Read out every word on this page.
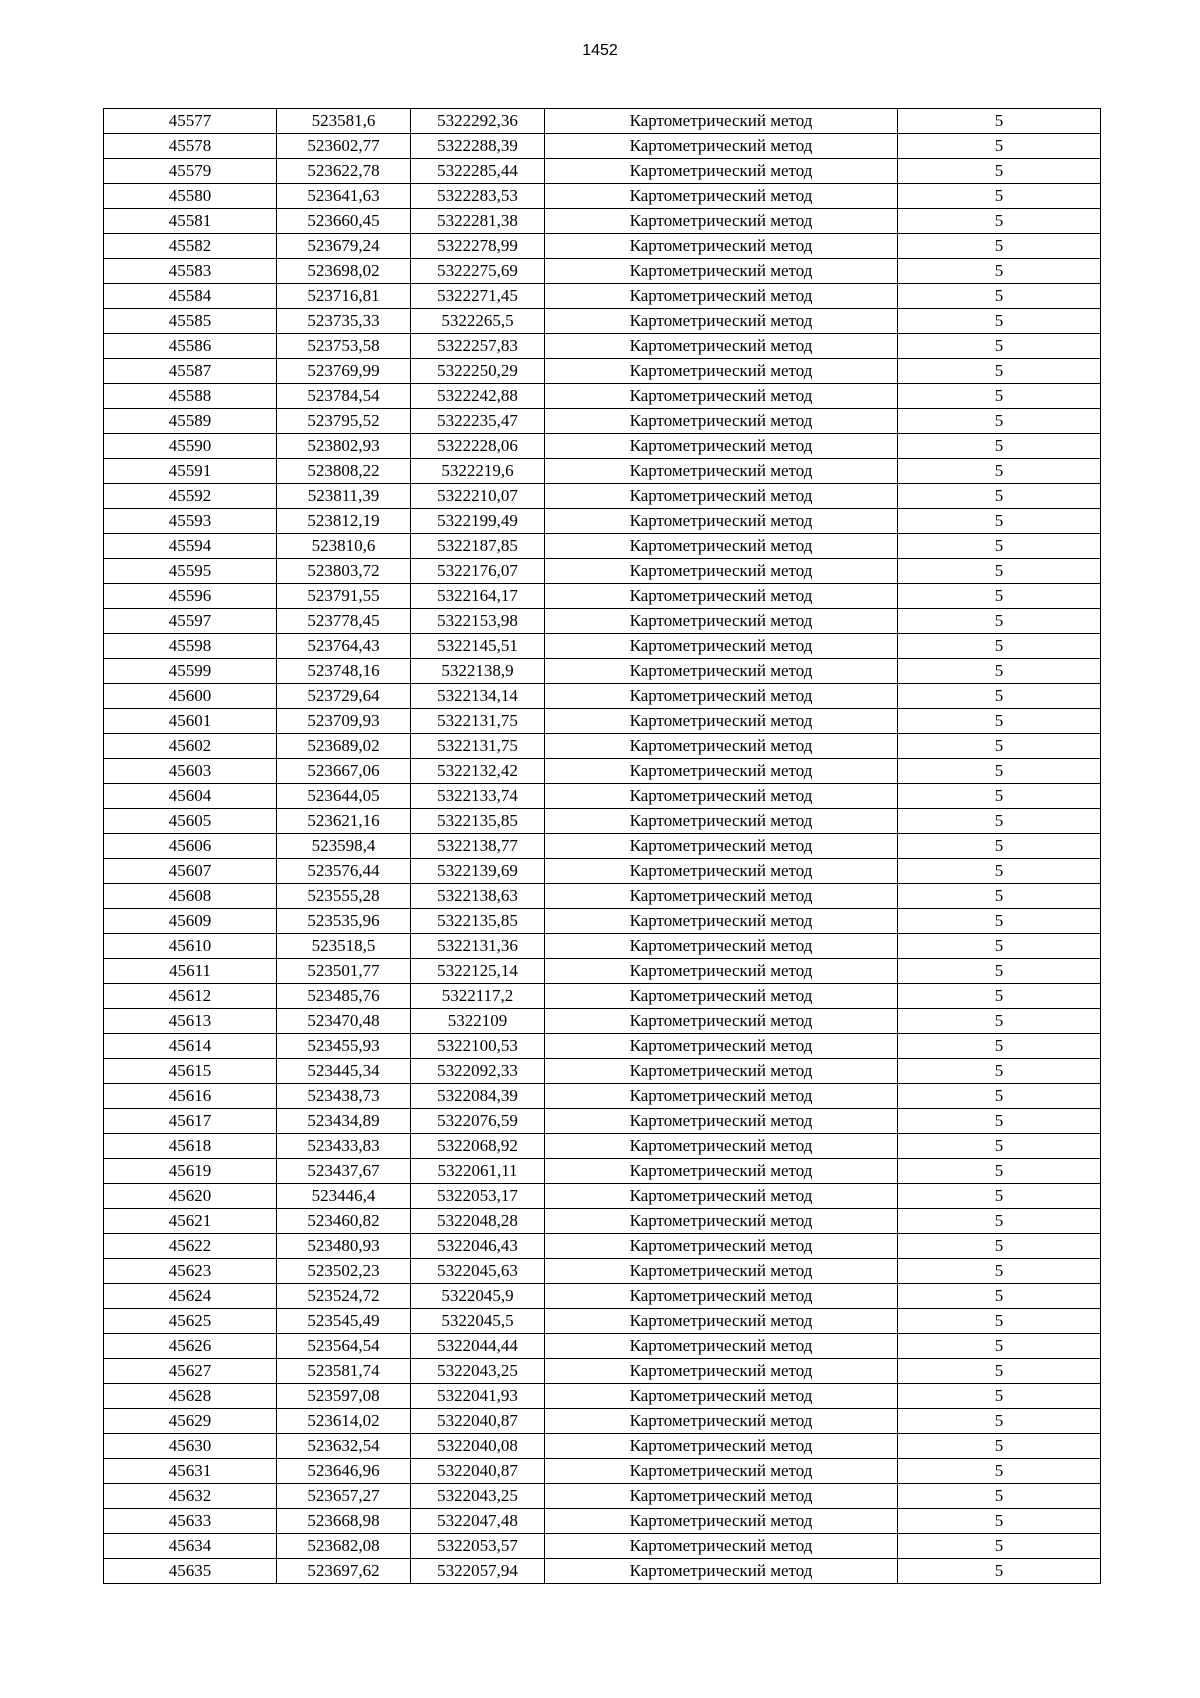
1452
45577	523581,6	5322292,36	Картометрический метод	5
45578	523602,77	5322288,39	Картометрический метод	5
45579	523622,78	5322285,44	Картометрический метод	5
45580	523641,63	5322283,53	Картометрический метод	5
45581	523660,45	5322281,38	Картометрический метод	5
45582	523679,24	5322278,99	Картометрический метод	5
45583	523698,02	5322275,69	Картометрический метод	5
45584	523716,81	5322271,45	Картометрический метод	5
45585	523735,33	5322265,5	Картометрический метод	5
45586	523753,58	5322257,83	Картометрический метод	5
45587	523769,99	5322250,29	Картометрический метод	5
45588	523784,54	5322242,88	Картометрический метод	5
45589	523795,52	5322235,47	Картометрический метод	5
45590	523802,93	5322228,06	Картометрический метод	5
45591	523808,22	5322219,6	Картометрический метод	5
45592	523811,39	5322210,07	Картометрический метод	5
45593	523812,19	5322199,49	Картометрический метод	5
45594	523810,6	5322187,85	Картометрический метод	5
45595	523803,72	5322176,07	Картометрический метод	5
45596	523791,55	5322164,17	Картометрический метод	5
45597	523778,45	5322153,98	Картометрический метод	5
45598	523764,43	5322145,51	Картометрический метод	5
45599	523748,16	5322138,9	Картометрический метод	5
45600	523729,64	5322134,14	Картометрический метод	5
45601	523709,93	5322131,75	Картометрический метод	5
45602	523689,02	5322131,75	Картометрический метод	5
45603	523667,06	5322132,42	Картометрический метод	5
45604	523644,05	5322133,74	Картометрический метод	5
45605	523621,16	5322135,85	Картометрический метод	5
45606	523598,4	5322138,77	Картометрический метод	5
45607	523576,44	5322139,69	Картометрический метод	5
45608	523555,28	5322138,63	Картометрический метод	5
45609	523535,96	5322135,85	Картометрический метод	5
45610	523518,5	5322131,36	Картометрический метод	5
45611	523501,77	5322125,14	Картометрический метод	5
45612	523485,76	5322117,2	Картометрический метод	5
45613	523470,48	5322109	Картометрический метод	5
45614	523455,93	5322100,53	Картометрический метод	5
45615	523445,34	5322092,33	Картометрический метод	5
45616	523438,73	5322084,39	Картометрический метод	5
45617	523434,89	5322076,59	Картометрический метод	5
45618	523433,83	5322068,92	Картометрический метод	5
45619	523437,67	5322061,11	Картометрический метод	5
45620	523446,4	5322053,17	Картометрический метод	5
45621	523460,82	5322048,28	Картометрический метод	5
45622	523480,93	5322046,43	Картометрический метод	5
45623	523502,23	5322045,63	Картометрический метод	5
45624	523524,72	5322045,9	Картометрический метод	5
45625	523545,49	5322045,5	Картометрический метод	5
45626	523564,54	5322044,44	Картометрический метод	5
45627	523581,74	5322043,25	Картометрический метод	5
45628	523597,08	5322041,93	Картометрический метод	5
45629	523614,02	5322040,87	Картометрический метод	5
45630	523632,54	5322040,08	Картометрический метод	5
45631	523646,96	5322040,87	Картометрический метод	5
45632	523657,27	5322043,25	Картометрический метод	5
45633	523668,98	5322047,48	Картометрический метод	5
45634	523682,08	5322053,57	Картометрический метод	5
45635	523697,62	5322057,94	Картометрический метод	5
